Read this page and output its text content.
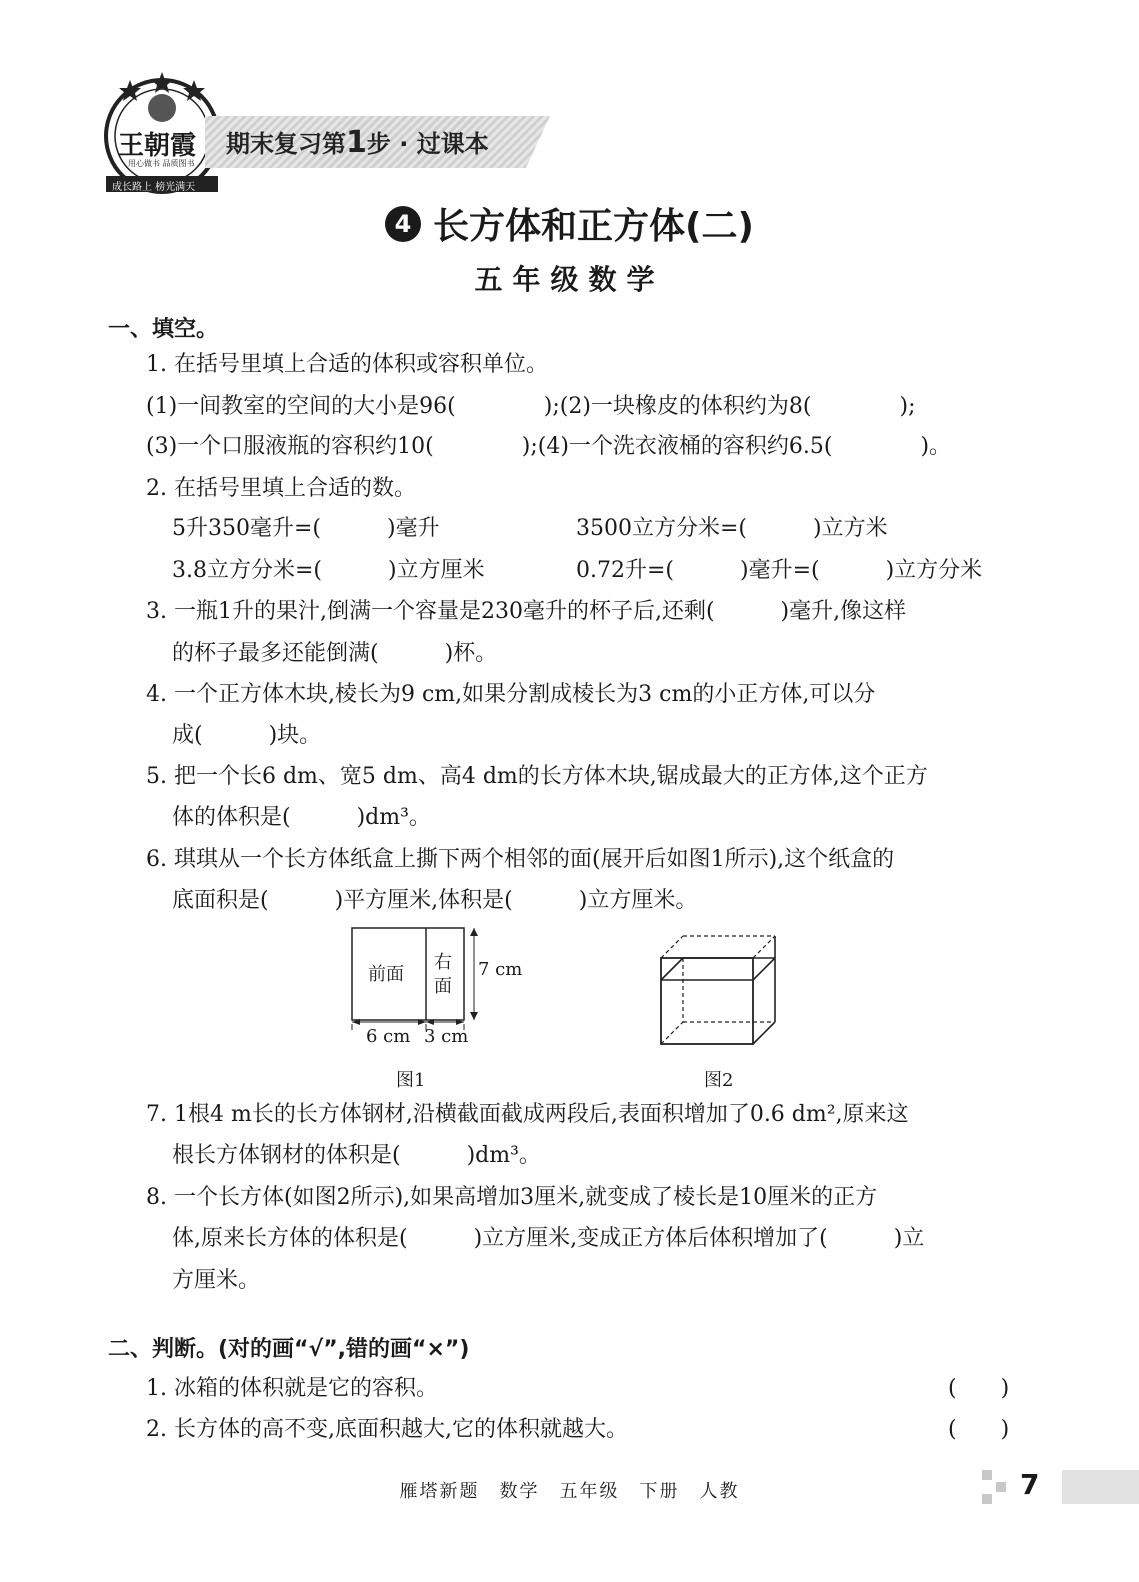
王朝霞
用心做书 品质图书
成长路上 榜光满天
期末复习第1步 · 过课本
4 长方体和正方体(二)
五年级数学
一、填空。
1. 在括号里填上合适的体积或容积单位。
(1)一间教室的空间的大小是96(　　　　);(2)一块橡皮的体积约为8(　　　　);
(3)一个口服液瓶的容积约10(　　　　);(4)一个洗衣液桶的容积约6.5(　　　　)。
2. 在括号里填上合适的数。
5升350毫升=(　　　)毫升	3500立方分米=(　　　)立方米
3.8立方分米=(　　　)立方厘米	0.72升=(　　　)毫升=(　　　)立方分米
3. 一瓶1升的果汁,倒满一个容量是230毫升的杯子后,还剩(　　　)毫升,像这样
的杯子最多还能倒满(　　　)杯。
4. 一个正方体木块,棱长为9 cm,如果分割成棱长为3 cm的小正方体,可以分
成(　　　)块。
5. 把一个长6 dm、宽5 dm、高4 dm的长方体木块,锯成最大的正方体,这个正方
体的体积是(　　　)dm³。
6. 琪琪从一个长方体纸盒上撕下两个相邻的面(展开后如图1所示),这个纸盒的
底面积是(　　　)平方厘米,体积是(　　　)立方厘米。
前面
右
面
7 cm
6 cm 3 cm
图1	图2
7. 1根4 m长的长方体钢材,沿横截面截成两段后,表面积增加了0.6 dm²,原来这
根长方体钢材的体积是(　　　)dm³。
8. 一个长方体(如图2所示),如果高增加3厘米,就变成了棱长是10厘米的正方
体,原来长方体的体积是(　　　)立方厘米,变成正方体后体积增加了(　　　)立
方厘米。
二、判断。(对的画“√”,错的画“×”)
1. 冰箱的体积就是它的容积。	(　　)
2. 长方体的高不变,底面积越大,它的体积就越大。	(　　)
雁塔新题　数学　五年级　下册　人教	7
